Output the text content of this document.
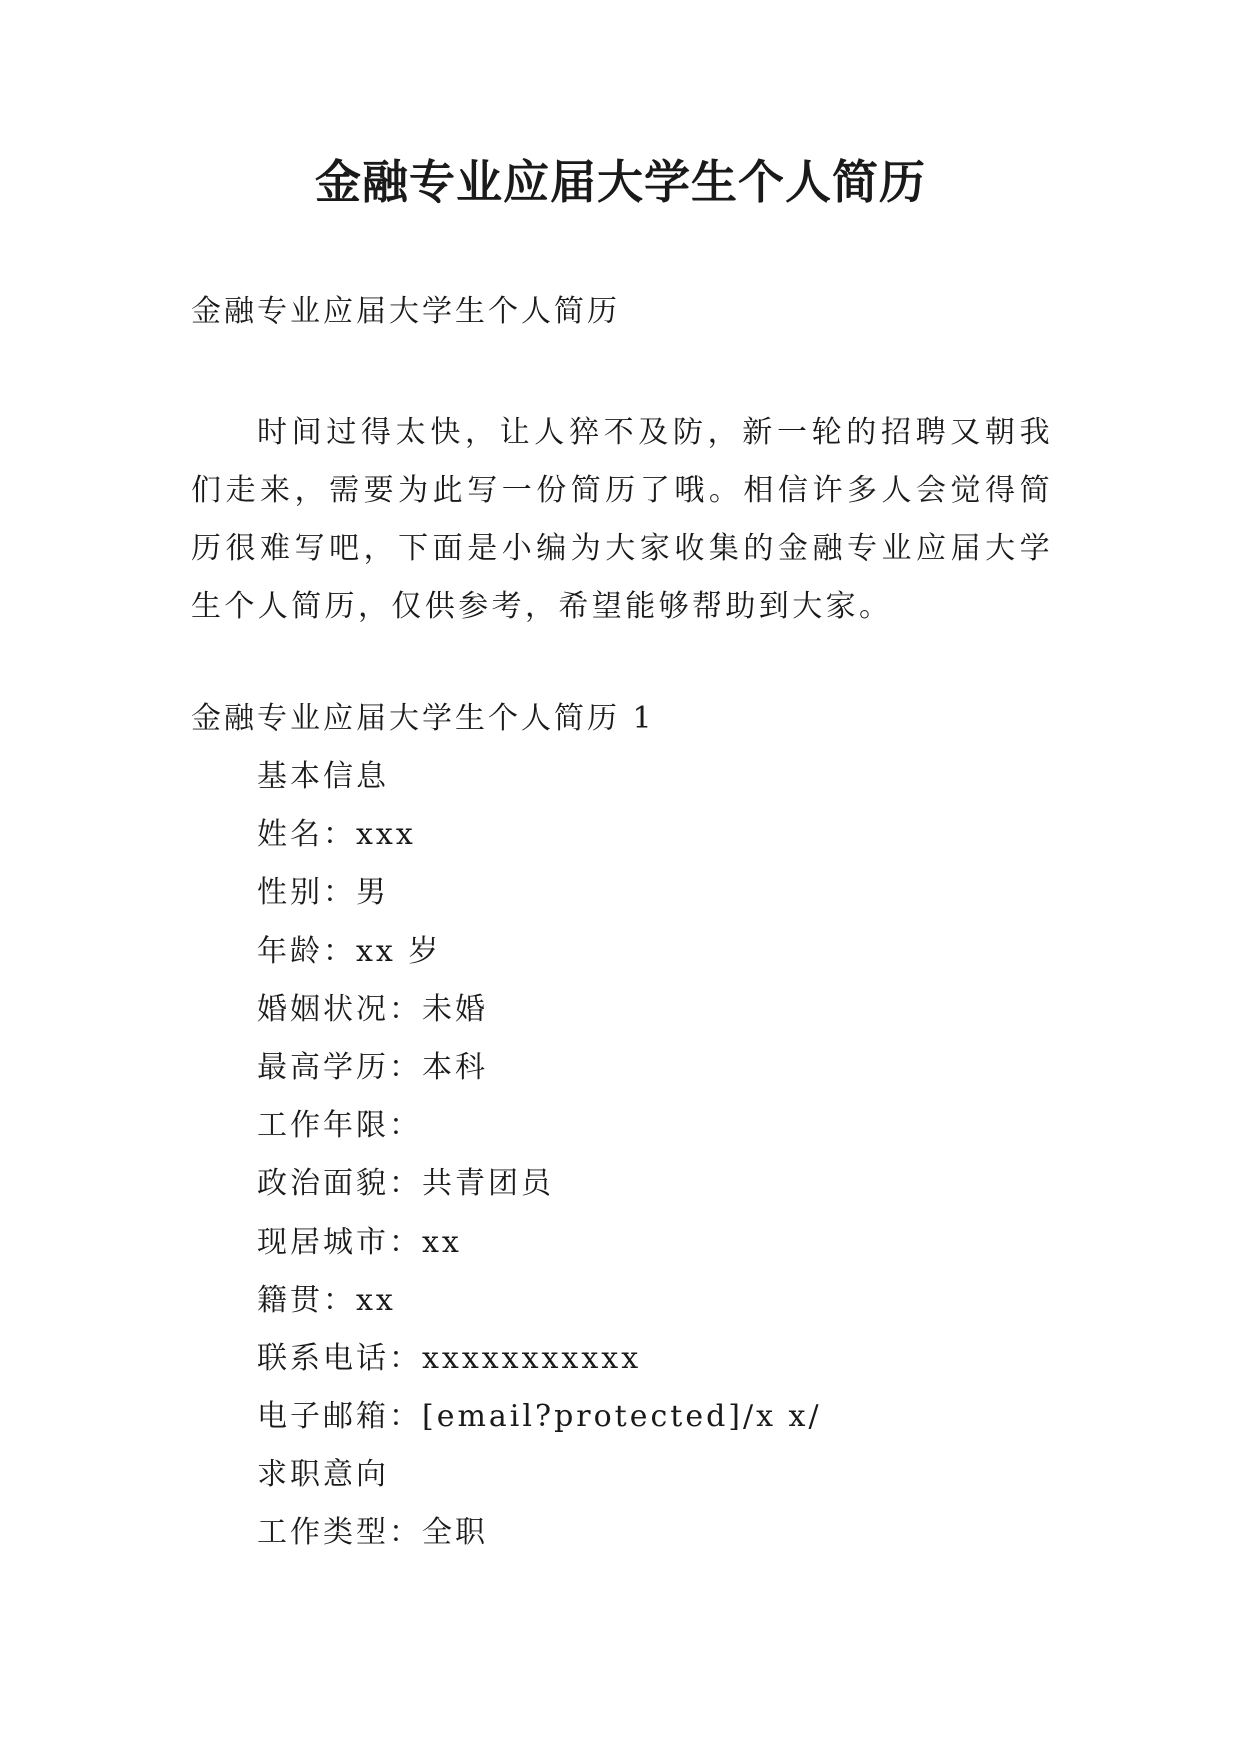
金融专业应届大学生个人简历

金融专业应届大学生个人简历

时间过得太快，让人猝不及防，新一轮的招聘又朝我们走来，需要为此写一份简历了哦。相信许多人会觉得简历很难写吧，下面是小编为大家收集的金融专业应届大学生个人简历，仅供参考，希望能够帮助到大家。

金融专业应届大学生个人简历 1

基本信息
姓名：xxx
性别：男
年龄：xx 岁
婚姻状况：未婚
最高学历：本科
工作年限：
政治面貌：共青团员
现居城市：xx
籍贯：xx
联系电话：xxxxxxxxxxx
电子邮箱：[email?protected]/x x/
求职意向
工作类型：全职
